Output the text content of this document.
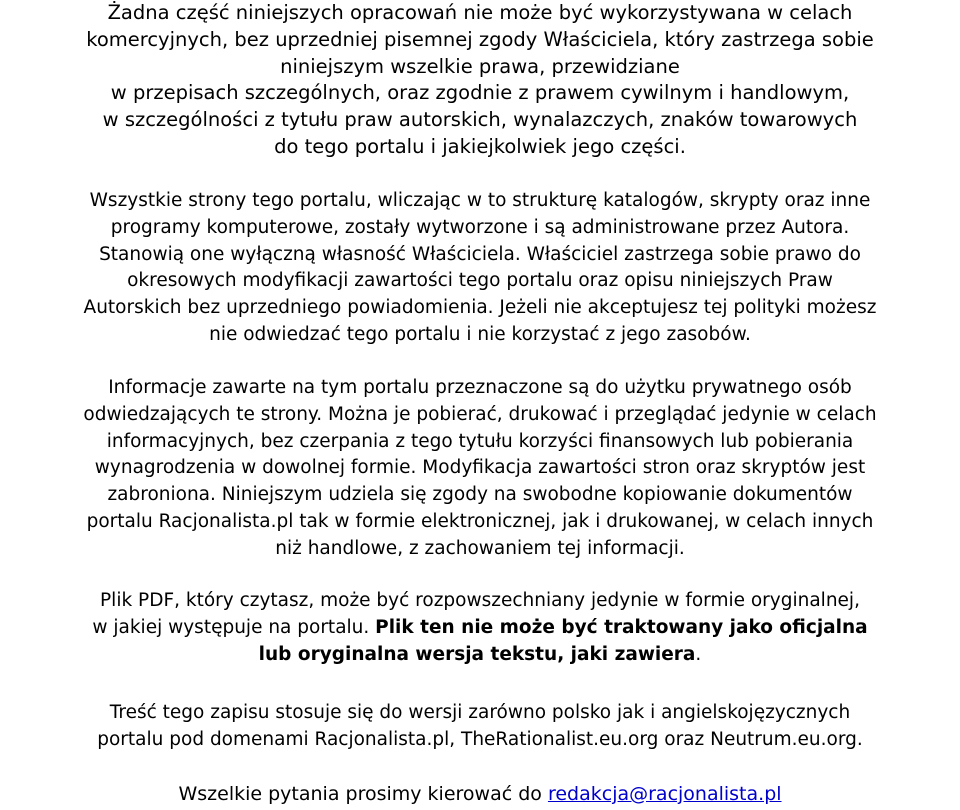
Żadna część niniejszych opracowań nie może być wykorzystywana w celach
komercyjnych, bez uprzedniej pisemnej zgody Właściciela, który zastrzega sobie
niniejszym wszelkie prawa, przewidziane
w przepisach szczególnych, oraz zgodnie z prawem cywilnym i handlowym,
w szczególności z tytułu praw autorskich, wynalazczych, znaków towarowych
do tego portalu i jakiejkolwiek jego części.
Wszystkie strony tego portalu, wliczając w to strukturę katalogów, skrypty oraz inne
programy komputerowe, zostały wytworzone i są administrowane przez Autora.
Stanowią one wyłączną własność Właściciela. Właściciel zastrzega sobie prawo do
okresowych modyfikacji zawartości tego portalu oraz opisu niniejszych Praw
Autorskich bez uprzedniego powiadomienia. Jeżeli nie akceptujesz tej polityki możesz
nie odwiedzać tego portalu i nie korzystać z jego zasobów.
Informacje zawarte na tym portalu przeznaczone są do użytku prywatnego osób
odwiedzających te strony. Można je pobierać, drukować i przeglądać jedynie w celach
informacyjnych, bez czerpania z tego tytułu korzyści finansowych lub pobierania
wynagrodzenia w dowolnej formie. Modyfikacja zawartości stron oraz skryptów jest
zabroniona. Niniejszym udziela się zgody na swobodne kopiowanie dokumentów
portalu Racjonalista.pl tak w formie elektronicznej, jak i drukowanej, w celach innych
niż handlowe, z zachowaniem tej informacji.
Plik PDF, który czytasz, może być rozpowszechniany jedynie w formie oryginalnej,
w jakiej występuje na portalu. Plik ten nie może być traktowany jako oficjalna
lub oryginalna wersja tekstu, jaki zawiera.
Treść tego zapisu stosuje się do wersji zarówno polsko jak i angielskojęzycznych
portalu pod domenami Racjonalista.pl, TheRationalist.eu.org oraz Neutrum.eu.org.
Wszelkie pytania prosimy kierować do redakcja@racjonalista.pl
